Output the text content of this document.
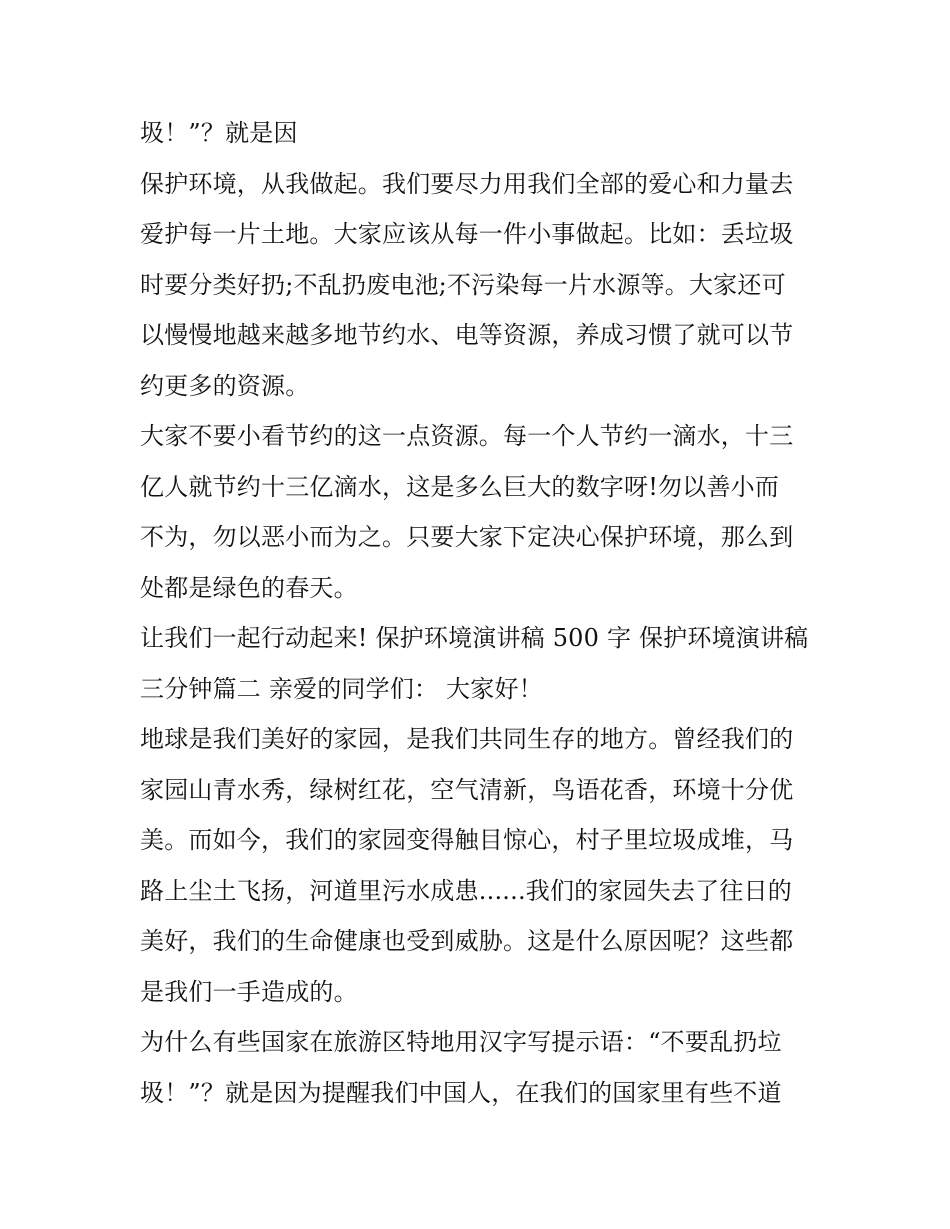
圾！”？就是因
保护环境，从我做起。我们要尽力用我们全部的爱心和力量去
爱护每一片土地。大家应该从每一件小事做起。比如：丢垃圾
时要分类好扔;不乱扔废电池;不污染每一片水源等。大家还可
以慢慢地越来越多地节约水、电等资源，养成习惯了就可以节
约更多的资源。
大家不要小看节约的这一点资源。每一个人节约一滴水，十三
亿人就节约十三亿滴水，这是多么巨大的数字呀!勿以善小而
不为，勿以恶小而为之。只要大家下定决心保护环境，那么到
处都是绿色的春天。
让我们一起行动起来! 保护环境演讲稿 500 字 保护环境演讲稿
三分钟篇二 亲爱的同学们： 大家好！
地球是我们美好的家园，是我们共同生存的地方。曾经我们的
家园山青水秀，绿树红花，空气清新，鸟语花香，环境十分优
美。而如今，我们的家园变得触目惊心，村子里垃圾成堆，马
路上尘土飞扬，河道里污水成患......我们的家园失去了往日的
美好，我们的生命健康也受到威胁。这是什么原因呢？这些都
是我们一手造成的。
为什么有些国家在旅游区特地用汉字写提示语：“不要乱扔垃
圾！”？就是因为提醒我们中国人，在我们的国家里有些不道
